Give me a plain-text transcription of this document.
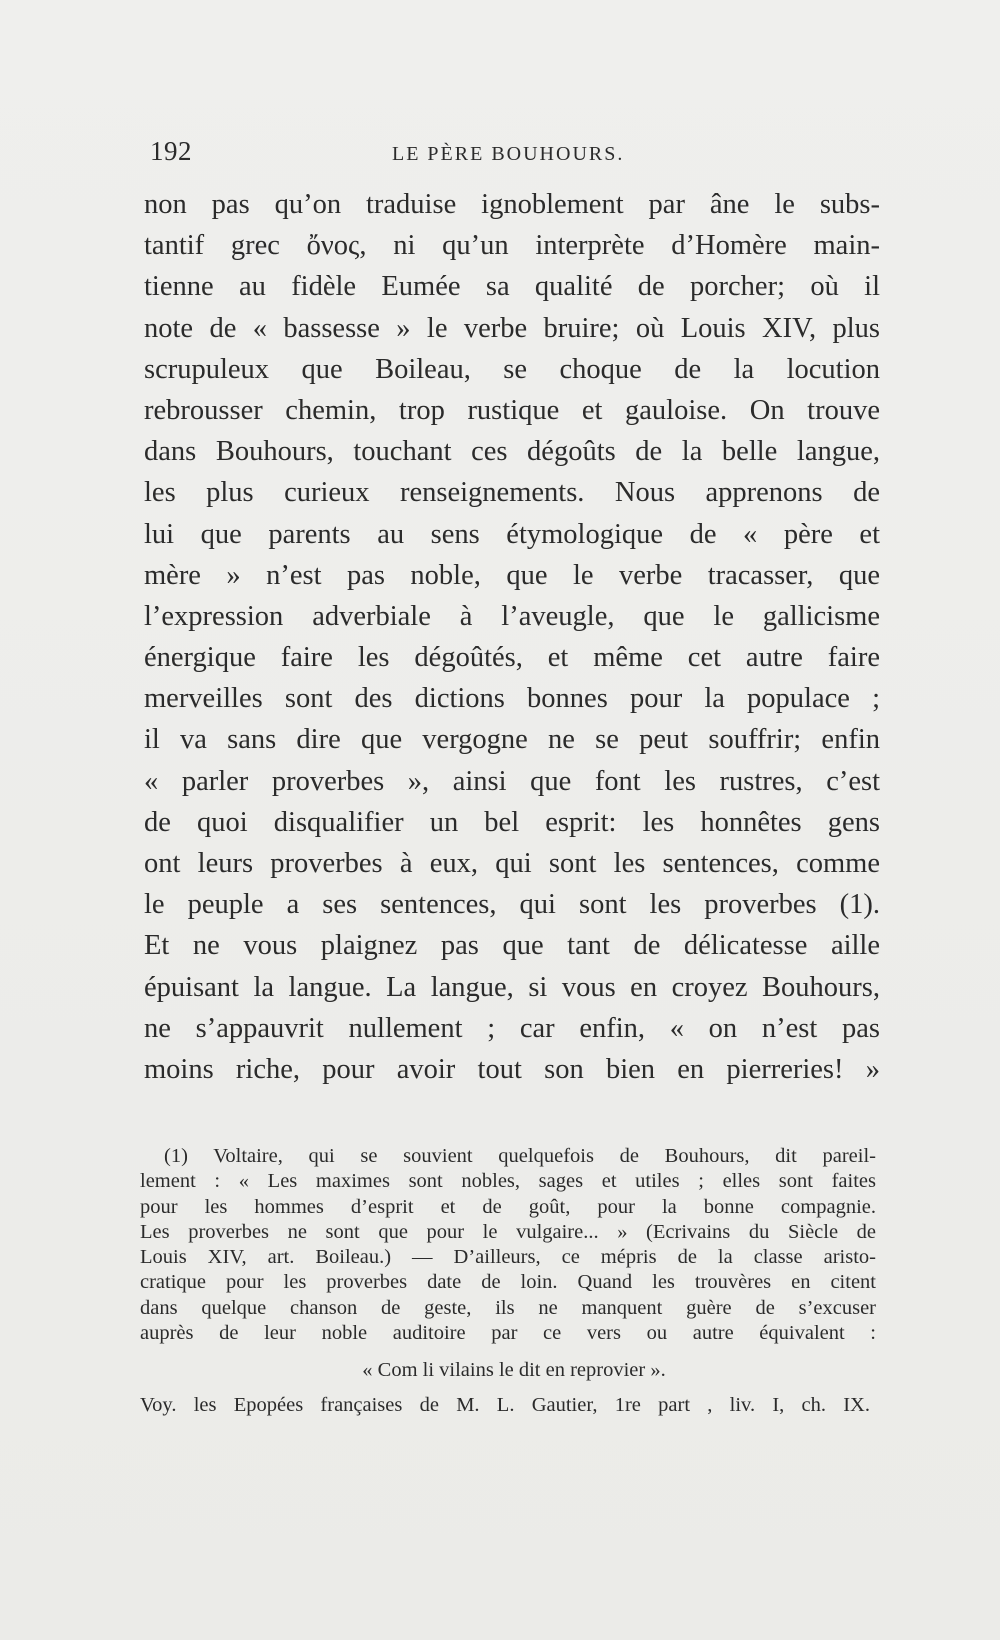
192	LE PÈRE BOUHOURS.
non pas qu’on traduise ignoblement par âne le subs-
tantif grec ὄνος, ni qu’un interprète d’Homère main-
tienne au fidèle Eumée sa qualité de porcher; où il
note de « bassesse » le verbe bruire; où Louis XIV, plus
scrupuleux que Boileau, se choque de la locution
rebrousser chemin, trop rustique et gauloise. On trouve
dans Bouhours, touchant ces dégoûts de la belle langue,
les plus curieux renseignements. Nous apprenons de
lui que parents au sens étymologique de « père et
mère » n’est pas noble, que le verbe tracasser, que
l’expression adverbiale à l’aveugle, que le gallicisme
énergique faire les dégoûtés, et même cet autre faire
merveilles sont des dictions bonnes pour la populace ;
il va sans dire que vergogne ne se peut souffrir; enfin
« parler proverbes », ainsi que font les rustres, c’est
de quoi disqualifier un bel esprit: les honnêtes gens
ont leurs proverbes à eux, qui sont les sentences, comme
le peuple a ses sentences, qui sont les proverbes (1).
Et ne vous plaignez pas que tant de délicatesse aille
épuisant la langue. La langue, si vous en croyez Bouhours,
ne s’appauvrit nullement ; car enfin, « on n’est pas
moins riche, pour avoir tout son bien en pierreries! »
(1) Voltaire, qui se souvient quelquefois de Bouhours, dit pareil-
lement : « Les maximes sont nobles, sages et utiles ; elles sont faites
pour les hommes d’esprit et de goût, pour la bonne compagnie.
Les proverbes ne sont que pour le vulgaire... » (Ecrivains du Siècle de
Louis XIV, art. Boileau.) — D’ailleurs, ce mépris de la classe aristo-
cratique pour les proverbes date de loin. Quand les trouvères en citent
dans quelque chanson de geste, ils ne manquent guère de s’excuser
auprès de leur noble auditoire par ce vers ou autre équivalent :
« Com li vilains le dit en reprovier ».
Voy. les Epopées françaises de M. L. Gautier, 1re part , liv. I, ch. IX.
